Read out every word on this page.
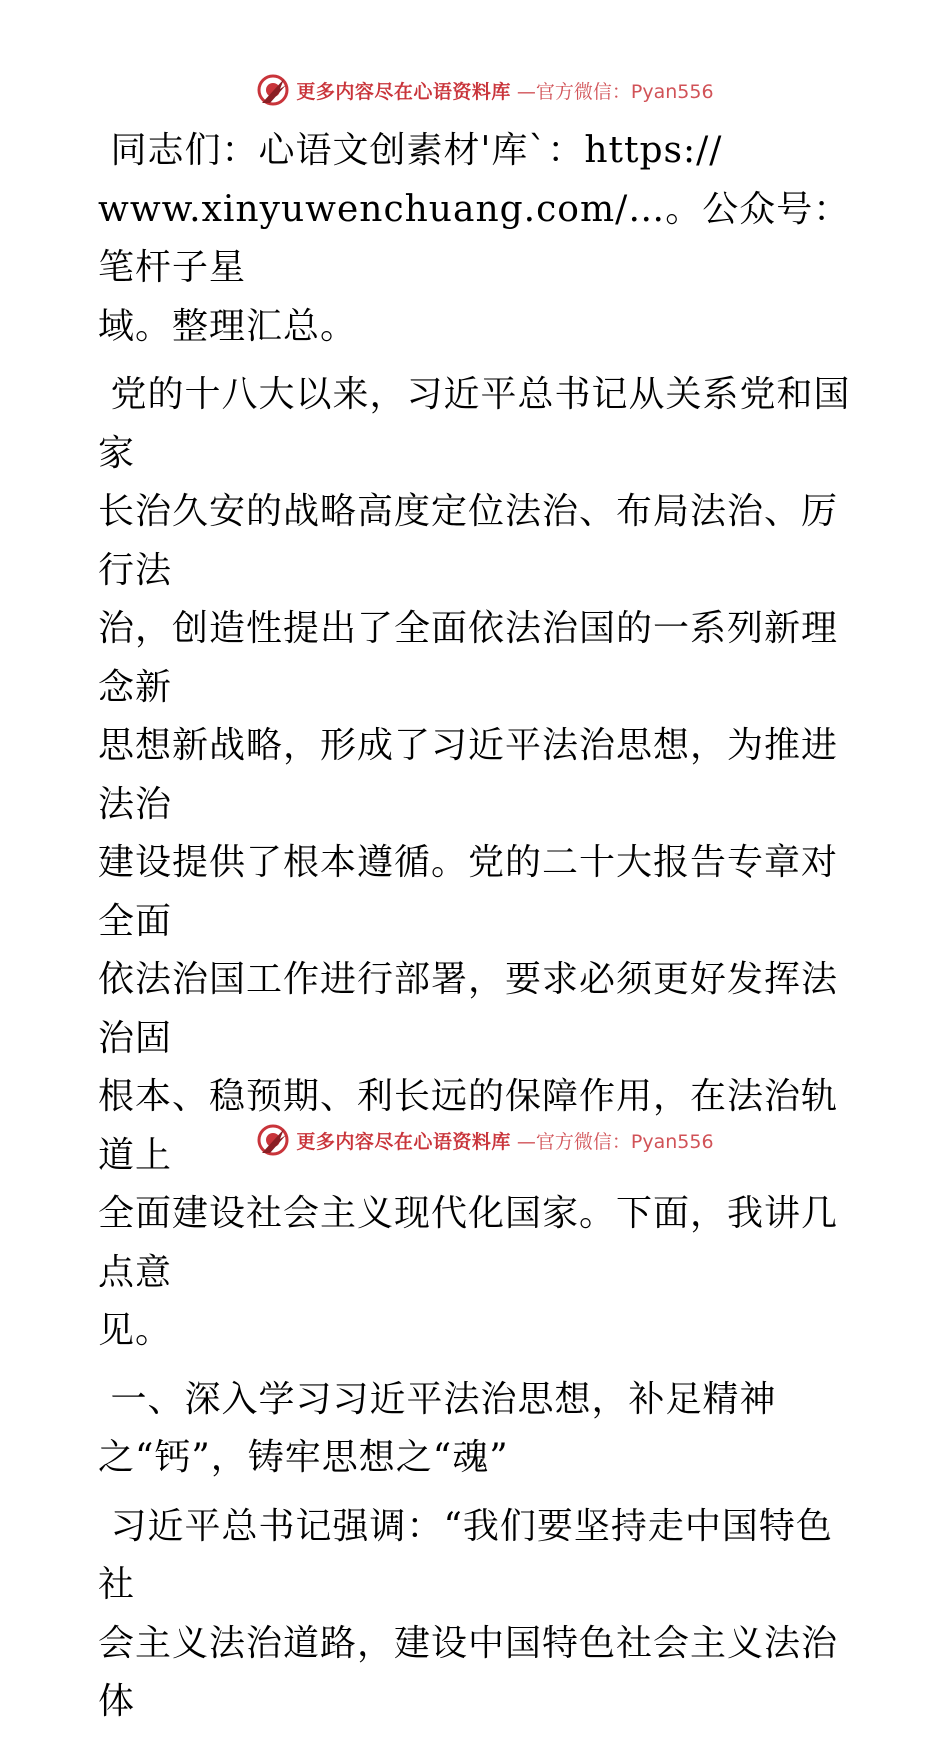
更多内容尽在心语资料库 —官方微信：Pyan556

同志们：心语文创素材'库`：https://
www.xinyuwenchuang.com/…。公众号：笔杆子星
域。整理汇总。

党的十八大以来，习近平总书记从关系党和国家
长治久安的战略高度定位法治、布局法治、厉行法
治，创造性提出了全面依法治国的一系列新理念新
思想新战略，形成了习近平法治思想，为推进法治
建设提供了根本遵循。党的二十大报告专章对全面
依法治国工作进行部署，要求必须更好发挥法治固
根本、稳预期、利长远的保障作用，在法治轨道上
全面建设社会主义现代化国家。下面，我讲几点意
见。

一、深入学习习近平法治思想，补足精神
之“钙”，铸牢思想之“魂”

习近平总书记强调：“我们要坚持走中国特色社
会主义法治道路，建设中国特色社会主义法治体

更多内容尽在心语资料库 —官方微信：Pyan556
